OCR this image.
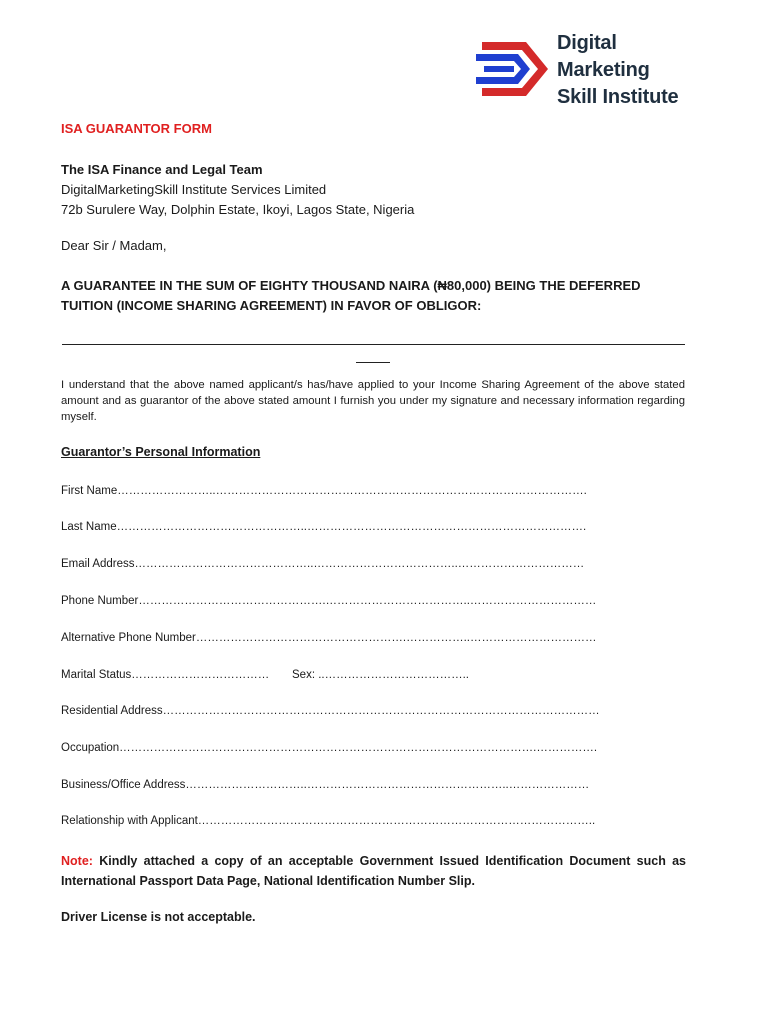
Digital
Marketing
Skill Institute
ISA GUARANTOR FORM
The ISA Finance and Legal Team
DigitalMarketingSkill Institute Services Limited
72b Surulere Way, Dolphin Estate, Ikoyi, Lagos State, Nigeria
Dear Sir / Madam,
A GUARANTEE IN THE SUM OF EIGHTY THOUSAND NAIRA (₦80,000) BEING THE DEFERRED TUITION (INCOME SHARING AGREEMENT) IN FAVOR OF OBLIGOR:
I understand that the above named applicant/s has/have applied to your Income Sharing Agreement of the above stated amount and as guarantor of the above stated amount I furnish you under my signature and necessary information regarding myself.
Guarantor’s Personal Information
First Name……………………..…………………………………………………………………………………….
Last Name…………………………………………..……………………………………………………………….
Email Address………………………………………..………………………………..……………………………
Phone Number………………………………………….………………………………..……………………………
Alternative Phone Number……………………………………………….……………..……………………………
Marital Status………………………………	Sex: ..………………………………..
Residential Address……………………………………………………………………………………………………
Occupation……………………………………………………………………………………………….…………….
Business/Office Address…………………………..……………………………………………..…………………
Relationship with Applicant…………………………………………………………………………………………..
Note: Kindly attached a copy of an acceptable Government Issued Identification Document such as International Passport Data Page, National Identification Number Slip.
Driver License is not acceptable.
